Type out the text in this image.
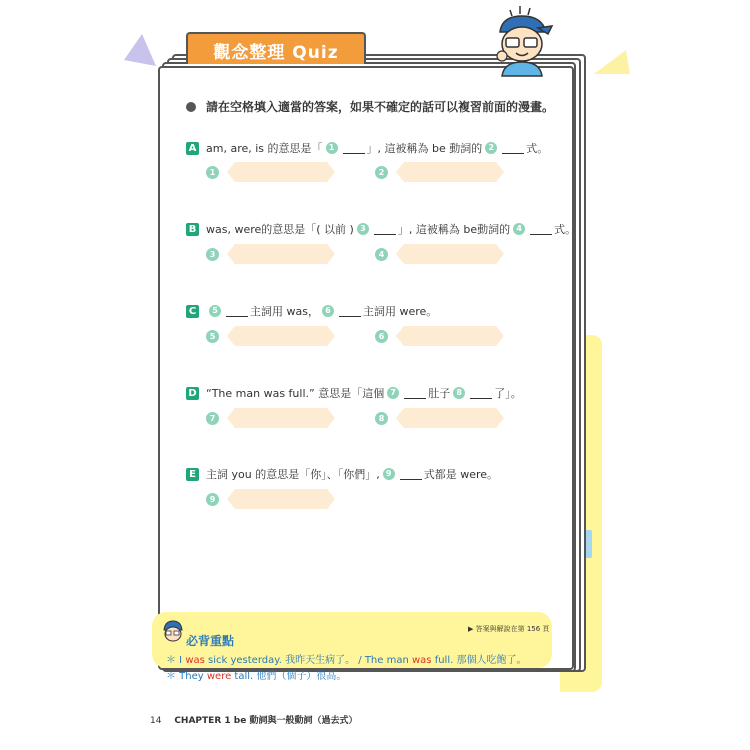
觀念整理 Quiz
請在空格填入適當的答案，如果不確定的話可以複習前面的漫畫。
A am, are, is 的意思是「 1	」, 這被稱為 be 動詞的 2	式。
1	2
B was, were的意思是「( 以前 ) 3	」, 這被稱為 be動詞的 4	式。
3	4
C	5	主詞用 was， 6	主詞用 were。
5	6
D “The man was full.” 意思是「這個 7	肚子 8	了」。
7	8
E 主詞 you 的意思是「你」、「你們」, 9	式都是 were。
9
▶ 答案與解說在第 156 頁
必背重點
＊ I was sick yesterday. 我昨天生病了。 / The man was full. 那個人吃飽了。
＊ They were tall. 他們（個子）很高。
14 CHAPTER 1 be 動詞與一般動詞（過去式）
